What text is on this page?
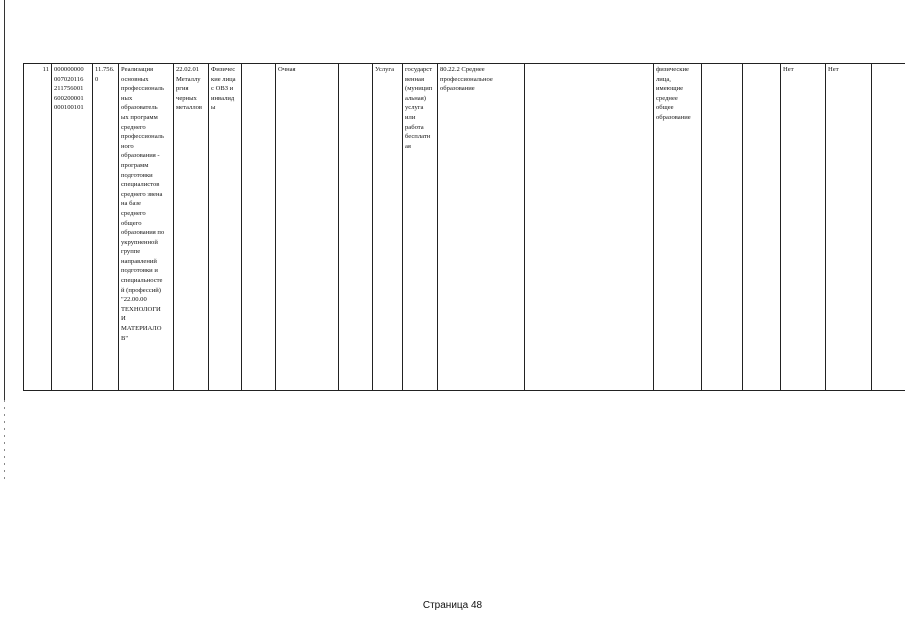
11	000000000
007020116
211756001
600200001
000100101	11.756.
0	Реализация
основных
профессиональ
ных
образователь
ых программ
среднего
профессиональ
ного
образования -
программ
подготовки
специалистов
среднего звена
на базе
среднего
общего
образования по
укрупненной
группе
направлений
подготовки и
специальносте
й (профессий)
"22.00.00
ТЕХНОЛОГИ
И
МАТЕРИАЛО
В"	22.02.01
Металлу
ргия
черных
металлов	Физичес
кие лица
с ОВЗ и
инвалид
ы		Очная		Услуга	государст
венная
(муницип
альная)
услуга
или
работа
бесплатн
ая	80.22.2 Среднее
профессиональное
образование		физические
лица,
имеющие
среднее
общее
образование			Нет	Нет	
Страница 48
